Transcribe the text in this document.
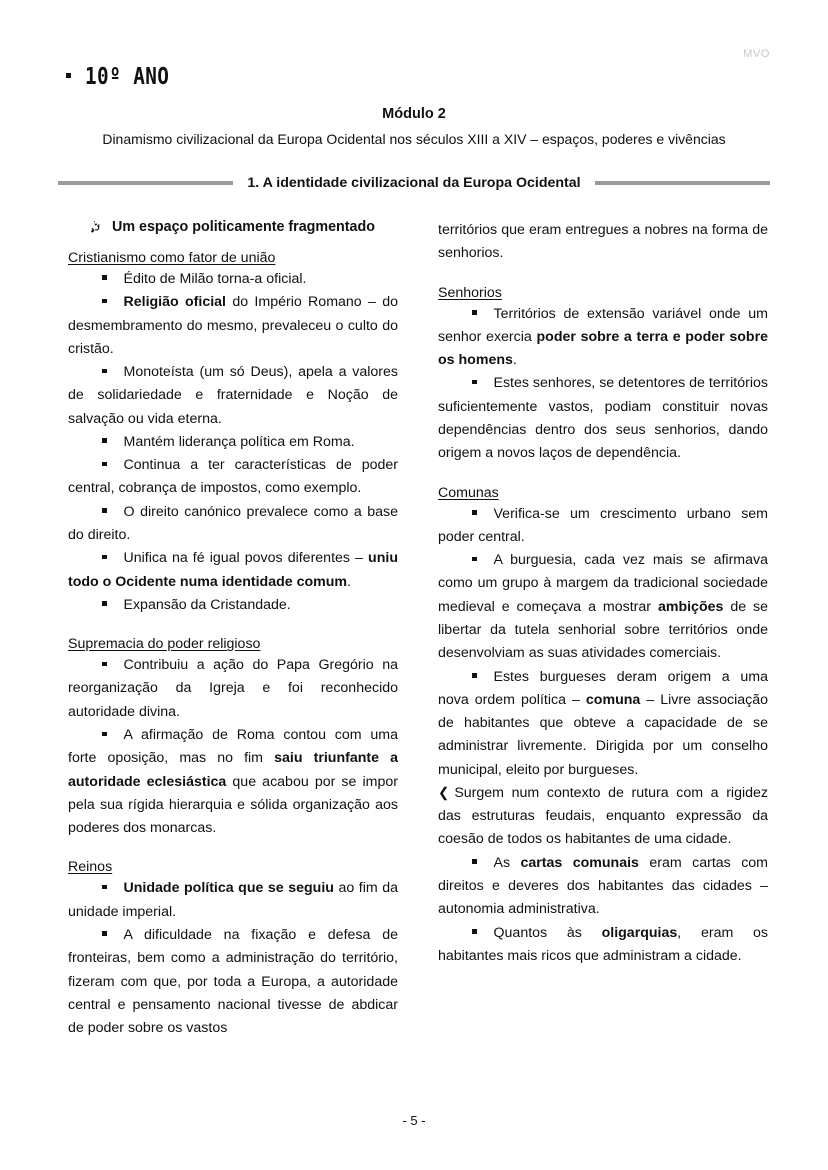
MVO
10º ANO
Módulo 2
Dinamismo civilizacional da Europa Ocidental nos séculos XIII a XIV – espaços, poderes e vivências
1. A identidade civilizacional da Europa Ocidental
Um espaço politicamente fragmentado
Cristianismo como fator de união

Édito de Milão torna-a oficial.

Religião oficial do Império Romano – do desmembramento do mesmo, prevaleceu o culto do cristão.

Monoteísta (um só Deus), apela a valores de solidariedade e fraternidade e Noção de salvação ou vida eterna.

Mantém liderança política em Roma.

Continua a ter características de poder central, cobrança de impostos, como exemplo.

O direito canónico prevalece como a base do direito.

Unifica na fé igual povos diferentes – uniu todo o Ocidente numa identidade comum.

Expansão da Cristandade.

Supremacia do poder religioso

Contribuiu a ação do Papa Gregório na reorganização da Igreja e foi reconhecido autoridade divina.

A afirmação de Roma contou com uma forte oposição, mas no fim saiu triunfante a autoridade eclesiástica que acabou por se impor pela sua rígida hierarquia e sólida organização aos poderes dos monarcas.

Reinos

Unidade política que se seguiu ao fim da unidade imperial.

A dificuldade na fixação e defesa de fronteiras, bem como a administração do território, fizeram com que, por toda a Europa, a autoridade central e pensamento nacional tivesse de abdicar de poder sobre os vastos

territórios que eram entregues a nobres na forma de senhorios.

Senhorios

Territórios de extensão variável onde um senhor exercia poder sobre a terra e poder sobre os homens.

Estes senhores, se detentores de territórios suficientemente vastos, podiam constituir novas dependências dentro dos seus senhorios, dando origem a novos laços de dependência.

Comunas

Verifica-se um crescimento urbano sem poder central.

A burguesia, cada vez mais se afirmava como um grupo à margem da tradicional sociedade medieval e começava a mostrar ambições de se libertar da tutela senhorial sobre territórios onde desenvolviam as suas atividades comerciais.

Estes burgueses deram origem a uma nova ordem política – comuna – Livre associação de habitantes que obteve a capacidade de se administrar livremente. Dirigida por um conselho municipal, eleito por burgueses.

❮ Surgem num contexto de rutura com a rigidez das estruturas feudais, enquanto expressão da coesão de todos os habitantes de uma cidade.

As cartas comunais eram cartas com direitos e deveres dos habitantes das cidades – autonomia administrativa.

Quantos às oligarquias, eram os habitantes mais ricos que administram a cidade.

- 5 -
